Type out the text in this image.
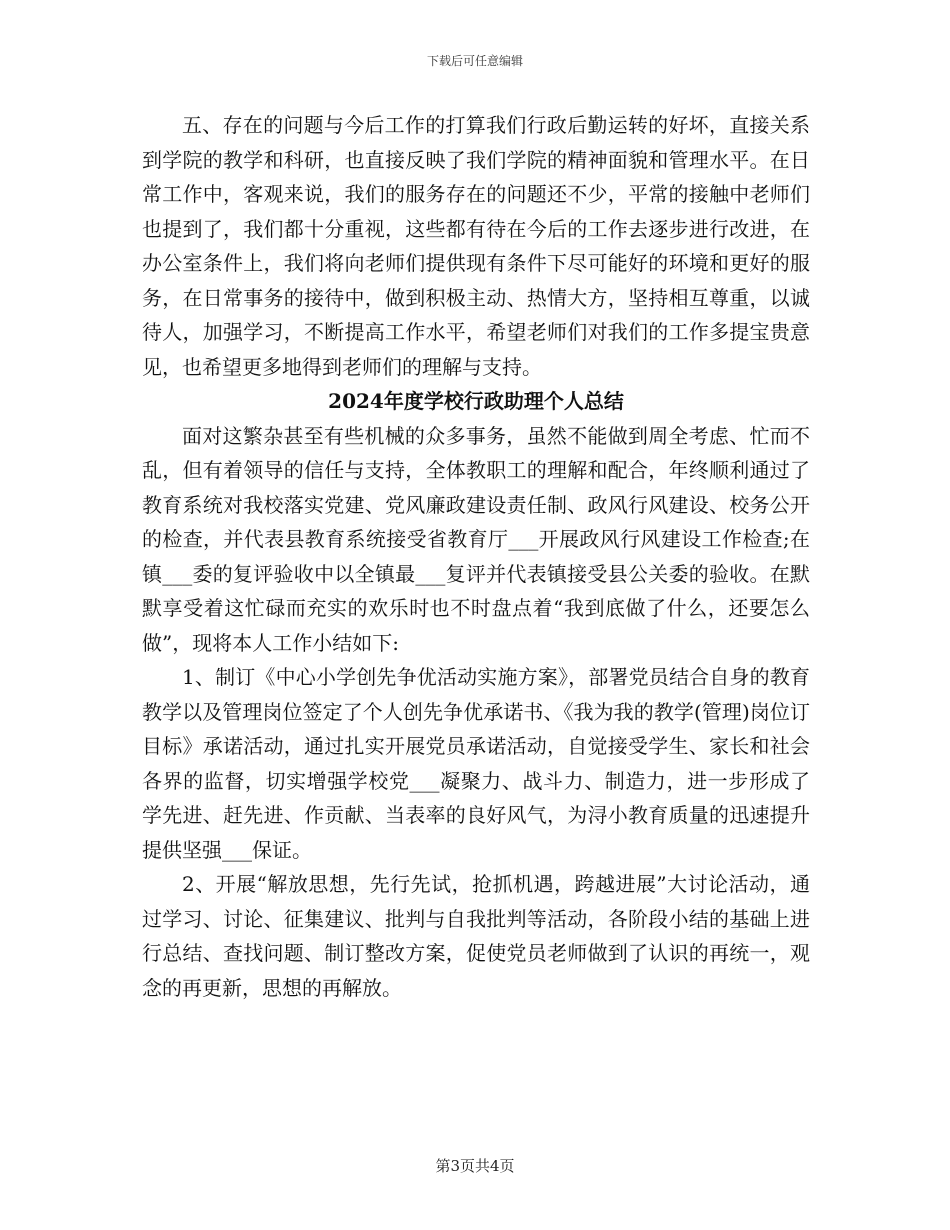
下载后可任意编辑

五、存在的问题与今后工作的打算我们行政后勤运转的好坏，直接关系到学院的教学和科研，也直接反映了我们学院的精神面貌和管理水平。在日常工作中，客观来说，我们的服务存在的问题还不少，平常的接触中老师们也提到了，我们都十分重视，这些都有待在今后的工作去逐步进行改进，在办公室条件上，我们将向老师们提供现有条件下尽可能好的环境和更好的服务，在日常事务的接待中，做到积极主动、热情大方，坚持相互尊重，以诚待人，加强学习，不断提高工作水平，希望老师们对我们的工作多提宝贵意见，也希望更多地得到老师们的理解与支持。

2024年度学校行政助理个人总结

面对这繁杂甚至有些机械的众多事务，虽然不能做到周全考虑、忙而不乱，但有着领导的信任与支持，全体教职工的理解和配合，年终顺利通过了教育系统对我校落实党建、党风廉政建设责任制、政风行风建设、校务公开的检查，并代表县教育系统接受省教育厅___开展政风行风建设工作检查;在镇___委的复评验收中以全镇最___复评并代表镇接受县公关委的验收。在默默享受着这忙碌而充实的欢乐时也不时盘点着“我到底做了什么，还要怎么做”，现将本人工作小结如下:

1、制订《中心小学创先争优活动实施方案》，部署党员结合自身的教育教学以及管理岗位签定了个人创先争优承诺书、《我为我的教学(管理)岗位订目标》承诺活动，通过扎实开展党员承诺活动，自觉接受学生、家长和社会各界的监督，切实增强学校党___凝聚力、战斗力、制造力，进一步形成了学先进、赶先进、作贡献、当表率的良好风气，为浔小教育质量的迅速提升提供坚强___保证。

2、开展“解放思想，先行先试，抢抓机遇，跨越进展”大讨论活动，通过学习、讨论、征集建议、批判与自我批判等活动，各阶段小结的基础上进行总结、查找问题、制订整改方案，促使党员老师做到了认识的再统一，观念的再更新，思想的再解放。

第3页共4页
